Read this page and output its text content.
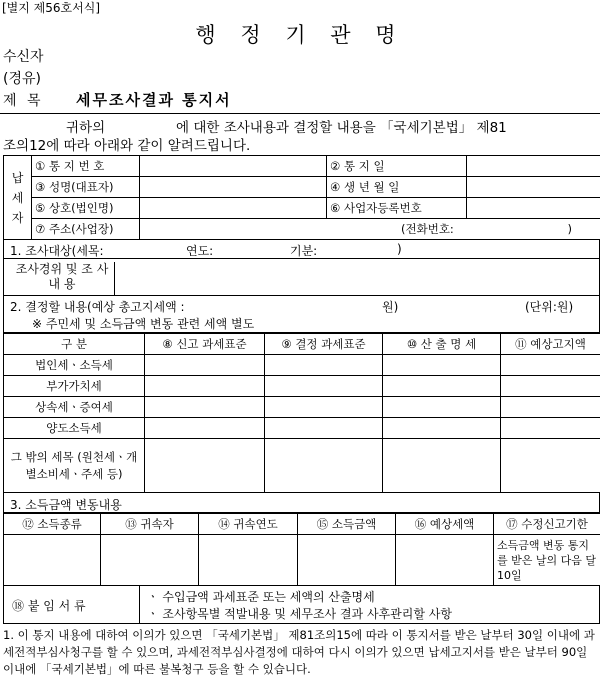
[별지 제56호서식]
행 정 기 관 명
수신자
(경유)
제 목 세무조사결과 통지서
귀하의	에 대한 조사내용과 결정할 내용을 「국세기본법」 제81
조의12에 따라 아래와 같이 알려드립니다.
납세자	① 통 지 번 호		② 통 지 일	
	③ 성명(대표자)		④ 생 년 월 일	
	⑤ 상호(법인명)		⑥ 사업자등록번호	
	⑦ 주소(사업장)	(전화번호: )		
1. 조사대상(세목:	연도:	기분:	)
조사경위 및 조 사 내 용
2. 결정할 내용(예상 총고지세액 :	원)	(단위:원)
※ 주민세 및 소득금액 변동 관련 세액 별도
구 분	⑧ 신고 과세표준	⑨ 결정 과세표준	⑩ 산 출 명 세	⑪ 예상고지액
법인세ㆍ소득세				
부가가치세				
상속세ㆍ증여세				
양도소득세				
그 밖의 세목 (원천세ㆍ개별소비세ㆍ주세 등)				
3. 소득금액 변동내용
⑫ 소득종류	⑬ 귀속자	⑭ 귀속연도	⑮ 소득금액	⑯ 예상세액	⑰ 수정신고기한
					소득금액 변동 통지를 받은 날의 다음 달 10일
⑱ 붙 임 서 류
ㆍ 수입금액 과세표준 또는 세액의 산출명세
ㆍ 조사항목별 적발내용 및 세무조사 결과 사후관리할 사항
1. 이 통지 내용에 대하여 이의가 있으면 「국세기본법」 제81조의15에 따라 이 통지서를 받은 날부터 30일 이내에 과세전적부심사청구를 할 수 있으며, 과세전적부심사결정에 대하여 다시 이의가 있으면 납세고지서를 받은 날부터 90일 이내에 「국세기본법」에 따른 불복청구 등을 할 수 있습니다.
